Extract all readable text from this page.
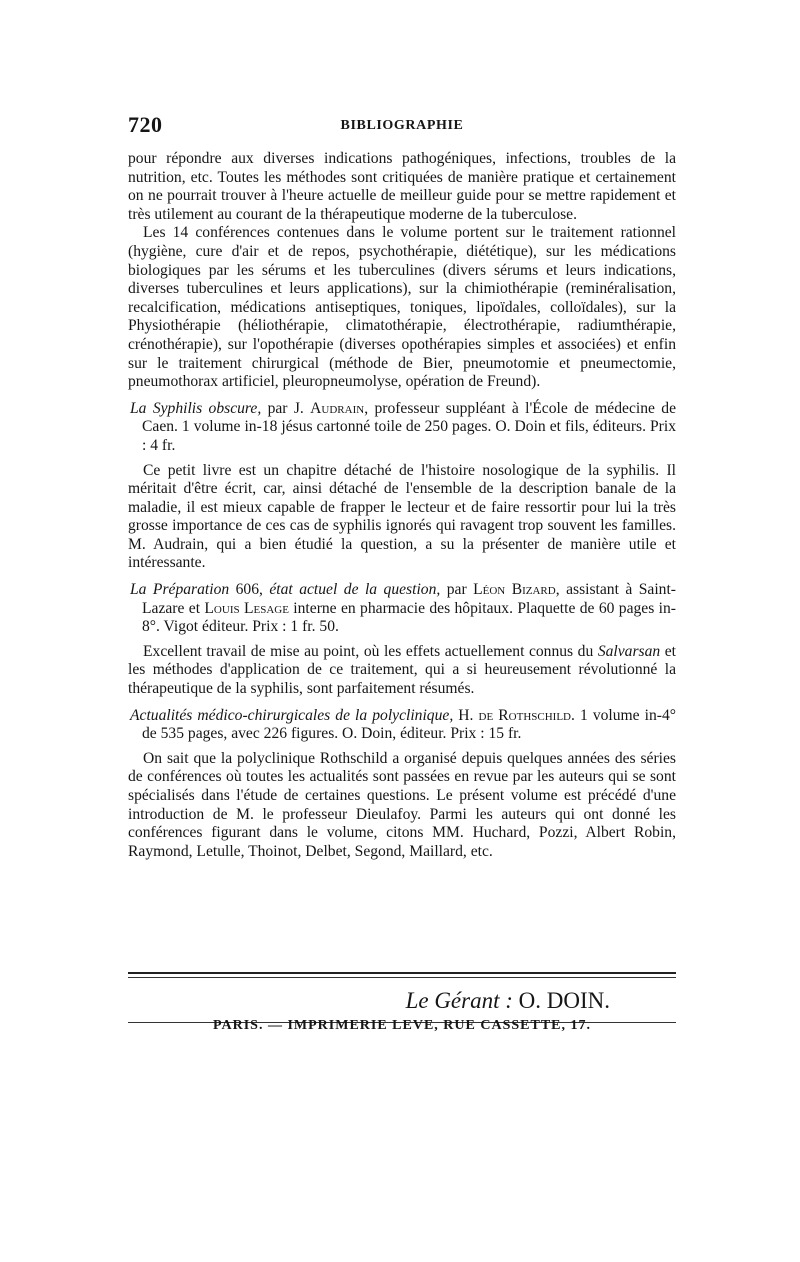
720	BIBLIOGRAPHIE

pour répondre aux diverses indications pathogéniques, infections, troubles de la nutrition, etc. Toutes les méthodes sont critiquées de manière pratique et certainement on ne pourrait trouver à l'heure actuelle de meilleur guide pour se mettre rapidement et très utilement au courant de la thérapeutique moderne de la tuberculose.

Les 14 conférences contenues dans le volume portent sur le traitement rationnel (hygiène, cure d'air et de repos, psychothérapie, diététique), sur les médications biologiques par les sérums et les tuberculines (divers sérums et leurs indications, diverses tuberculines et leurs applications), sur la chimiothérapie (reminéralisation, recalcification, médications antiseptiques, toniques, lipoïdales, colloïdales), sur la Physiothérapie (héliothérapie, climatothérapie, électrothérapie, radiumthérapie, crénothérapie), sur l'opothérapie (diverses opothérapies simples et associées) et enfin sur le traitement chirurgical (méthode de Bier, pneumotomie et pneumectomie, pneumothorax artificiel, pleuropneumolyse, opération de Freund).

La Syphilis obscure, par J. Audrain, professeur suppléant à l'École de médecine de Caen. 1 volume in-18 jésus cartonné toile de 250 pages. O. Doin et fils, éditeurs. Prix : 4 fr.

Ce petit livre est un chapitre détaché de l'histoire nosologique de la syphilis. Il méritait d'être écrit, car, ainsi détaché de l'ensemble de la description banale de la maladie, il est mieux capable de frapper le lecteur et de faire ressortir pour lui la très grosse importance de ces cas de syphilis ignorés qui ravagent trop souvent les familles. M. Audrain, qui a bien étudié la question, a su la présenter de manière utile et intéressante.

La Préparation 606, état actuel de la question, par Léon Bizard, assistant à Saint-Lazare et Louis Lesage interne en pharmacie des hôpitaux. Plaquette de 60 pages in-8°. Vigot éditeur. Prix : 1 fr. 50.

Excellent travail de mise au point, où les effets actuellement connus du Salvarsan et les méthodes d'application de ce traitement, qui a si heureusement révolutionné la thérapeutique de la syphilis, sont parfaitement résumés.

Actualités médico-chirurgicales de la polyclinique, H. de Rothschild. 1 volume in-4° de 535 pages, avec 226 figures. O. Doin, éditeur. Prix : 15 fr.

On sait que la polyclinique Rothschild a organisé depuis quelques années des séries de conférences où toutes les actualités sont passées en revue par les auteurs qui se sont spécialisés dans l'étude de certaines questions. Le présent volume est précédé d'une introduction de M. le professeur Dieulafoy. Parmi les auteurs qui ont donné les conférences figurant dans le volume, citons MM. Huchard, Pozzi, Albert Robin, Raymond, Letulle, Thoinot, Delbet, Segond, Maillard, etc.

Le Gérant : O. DOIN.
PARIS. — IMPRIMERIE LEVE, RUE CASSETTE, 17.
